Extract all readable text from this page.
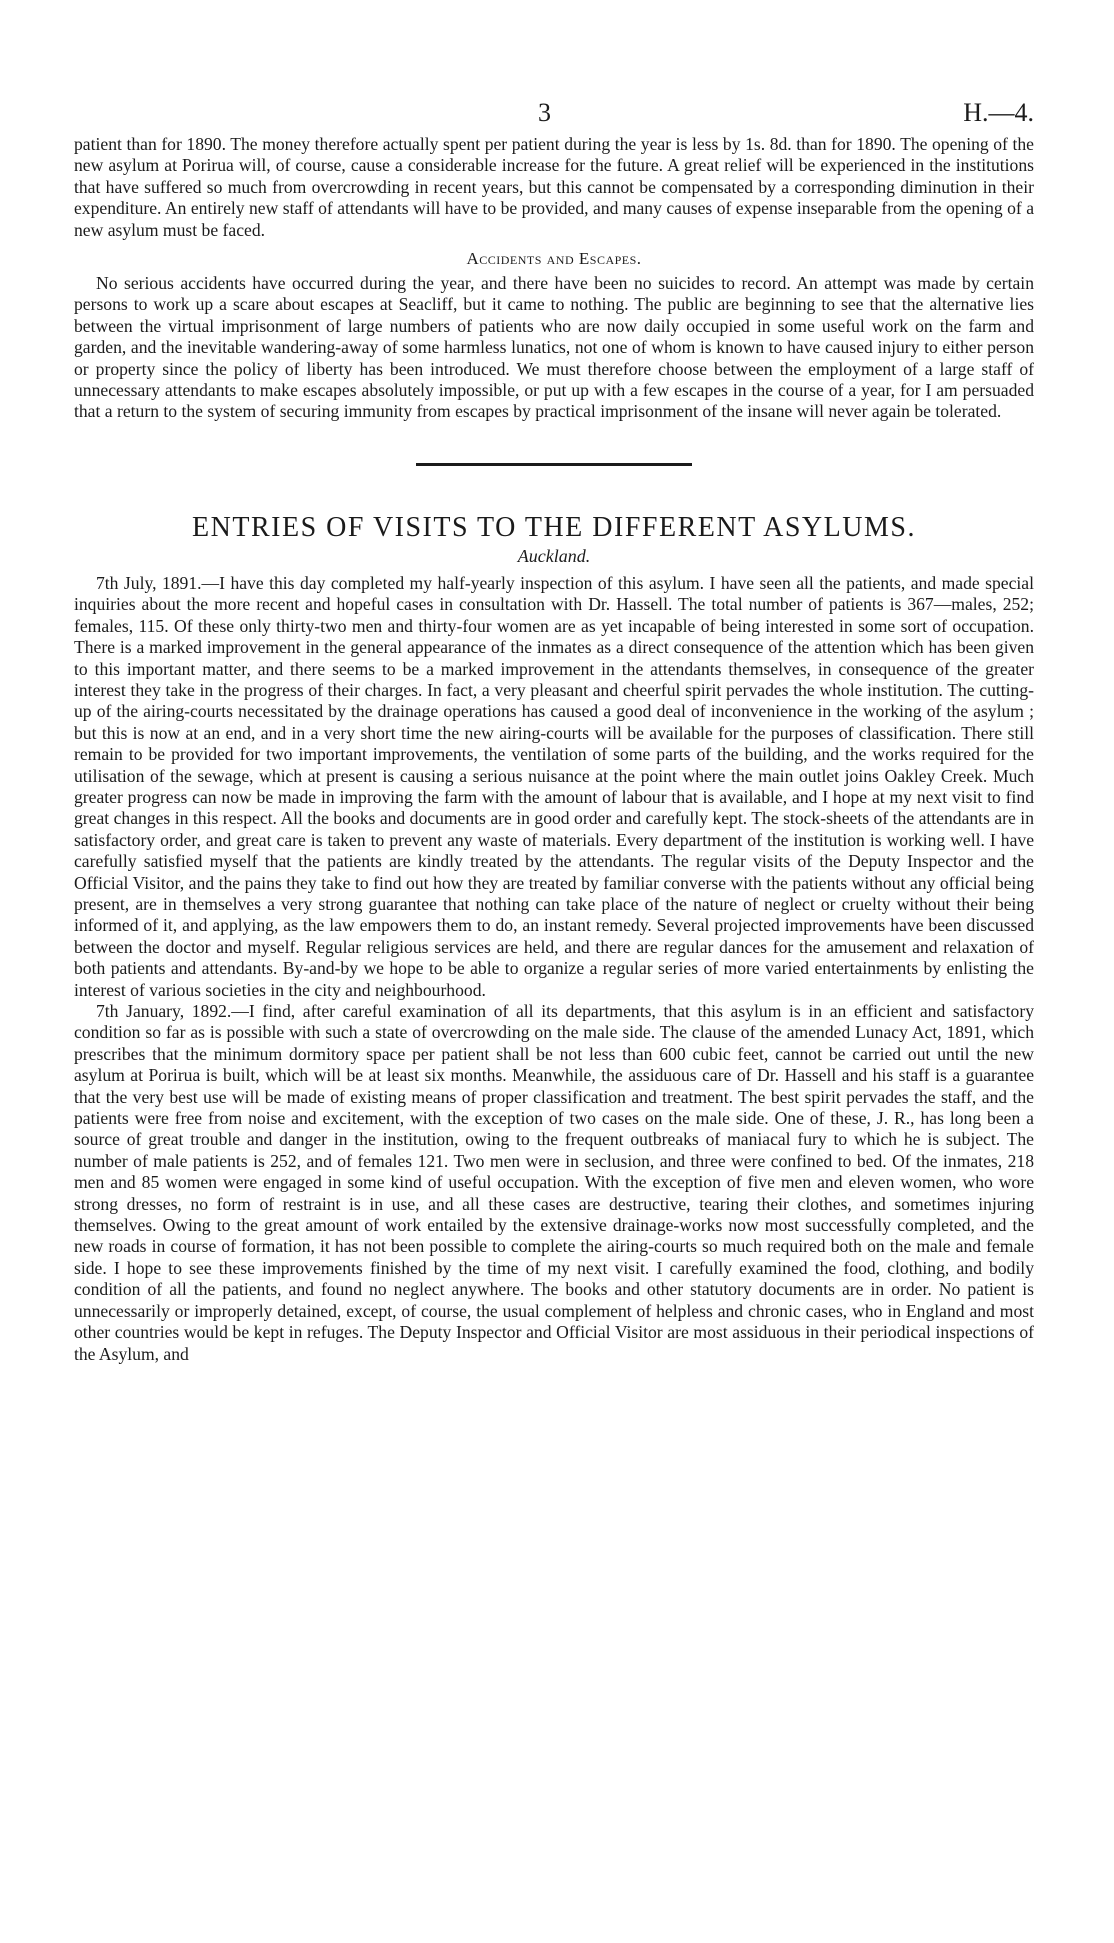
3	H.—4.

patient than for 1890. The money therefore actually spent per patient during the year is less by 1s. 8d. than for 1890. The opening of the new asylum at Porirua will, of course, cause a considerable increase for the future. A great relief will be experienced in the institutions that have suffered so much from overcrowding in recent years, but this cannot be compensated by a corresponding diminution in their expenditure. An entirely new staff of attendants will have to be provided, and many causes of expense inseparable from the opening of a new asylum must be faced.

Accidents and Escapes.

No serious accidents have occurred during the year, and there have been no suicides to record. An attempt was made by certain persons to work up a scare about escapes at Seacliff, but it came to nothing. The public are beginning to see that the alternative lies between the virtual imprisonment of large numbers of patients who are now daily occupied in some useful work on the farm and garden, and the inevitable wandering-away of some harmless lunatics, not one of whom is known to have caused injury to either person or property since the policy of liberty has been introduced. We must therefore choose between the employment of a large staff of unnecessary attendants to make escapes absolutely impossible, or put up with a few escapes in the course of a year, for I am persuaded that a return to the system of securing immunity from escapes by practical imprisonment of the insane will never again be tolerated.

ENTRIES OF VISITS TO THE DIFFERENT ASYLUMS.
Auckland.

7th July, 1891.—I have this day completed my half-yearly inspection of this asylum. I have seen all the patients, and made special inquiries about the more recent and hopeful cases in consultation with Dr. Hassell. The total number of patients is 367—males, 252; females, 115. Of these only thirty-two men and thirty-four women are as yet incapable of being interested in some sort of occupation. There is a marked improvement in the general appearance of the inmates as a direct consequence of the attention which has been given to this important matter, and there seems to be a marked improvement in the attendants themselves, in consequence of the greater interest they take in the progress of their charges. In fact, a very pleasant and cheerful spirit pervades the whole institution. The cutting-up of the airing-courts necessitated by the drainage operations has caused a good deal of inconvenience in the working of the asylum ; but this is now at an end, and in a very short time the new airing-courts will be available for the purposes of classification. There still remain to be provided for two important improvements, the ventilation of some parts of the building, and the works required for the utilisation of the sewage, which at present is causing a serious nuisance at the point where the main outlet joins Oakley Creek. Much greater progress can now be made in improving the farm with the amount of labour that is available, and I hope at my next visit to find great changes in this respect. All the books and documents are in good order and carefully kept. The stock-sheets of the attendants are in satisfactory order, and great care is taken to prevent any waste of materials. Every department of the institution is working well. I have carefully satisfied myself that the patients are kindly treated by the attendants. The regular visits of the Deputy Inspector and the Official Visitor, and the pains they take to find out how they are treated by familiar converse with the patients without any official being present, are in themselves a very strong guarantee that nothing can take place of the nature of neglect or cruelty without their being informed of it, and applying, as the law empowers them to do, an instant remedy. Several projected improvements have been discussed between the doctor and myself. Regular religious services are held, and there are regular dances for the amusement and relaxation of both patients and attendants. By-and-by we hope to be able to organize a regular series of more varied entertainments by enlisting the interest of various societies in the city and neighbourhood.

7th January, 1892.—I find, after careful examination of all its departments, that this asylum is in an efficient and satisfactory condition so far as is possible with such a state of overcrowding on the male side. The clause of the amended Lunacy Act, 1891, which prescribes that the minimum dormitory space per patient shall be not less than 600 cubic feet, cannot be carried out until the new asylum at Porirua is built, which will be at least six months. Meanwhile, the assiduous care of Dr. Hassell and his staff is a guarantee that the very best use will be made of existing means of proper classification and treatment. The best spirit pervades the staff, and the patients were free from noise and excitement, with the exception of two cases on the male side. One of these, J. R., has long been a source of great trouble and danger in the institution, owing to the frequent outbreaks of maniacal fury to which he is subject. The number of male patients is 252, and of females 121. Two men were in seclusion, and three were confined to bed. Of the inmates, 218 men and 85 women were engaged in some kind of useful occupation. With the exception of five men and eleven women, who wore strong dresses, no form of restraint is in use, and all these cases are destructive, tearing their clothes, and sometimes injuring themselves. Owing to the great amount of work entailed by the extensive drainage-works now most successfully completed, and the new roads in course of formation, it has not been possible to complete the airing-courts so much required both on the male and female side. I hope to see these improvements finished by the time of my next visit. I carefully examined the food, clothing, and bodily condition of all the patients, and found no neglect anywhere. The books and other statutory documents are in order. No patient is unnecessarily or improperly detained, except, of course, the usual complement of helpless and chronic cases, who in England and most other countries would be kept in refuges. The Deputy Inspector and Official Visitor are most assiduous in their periodical inspections of the Asylum, and
